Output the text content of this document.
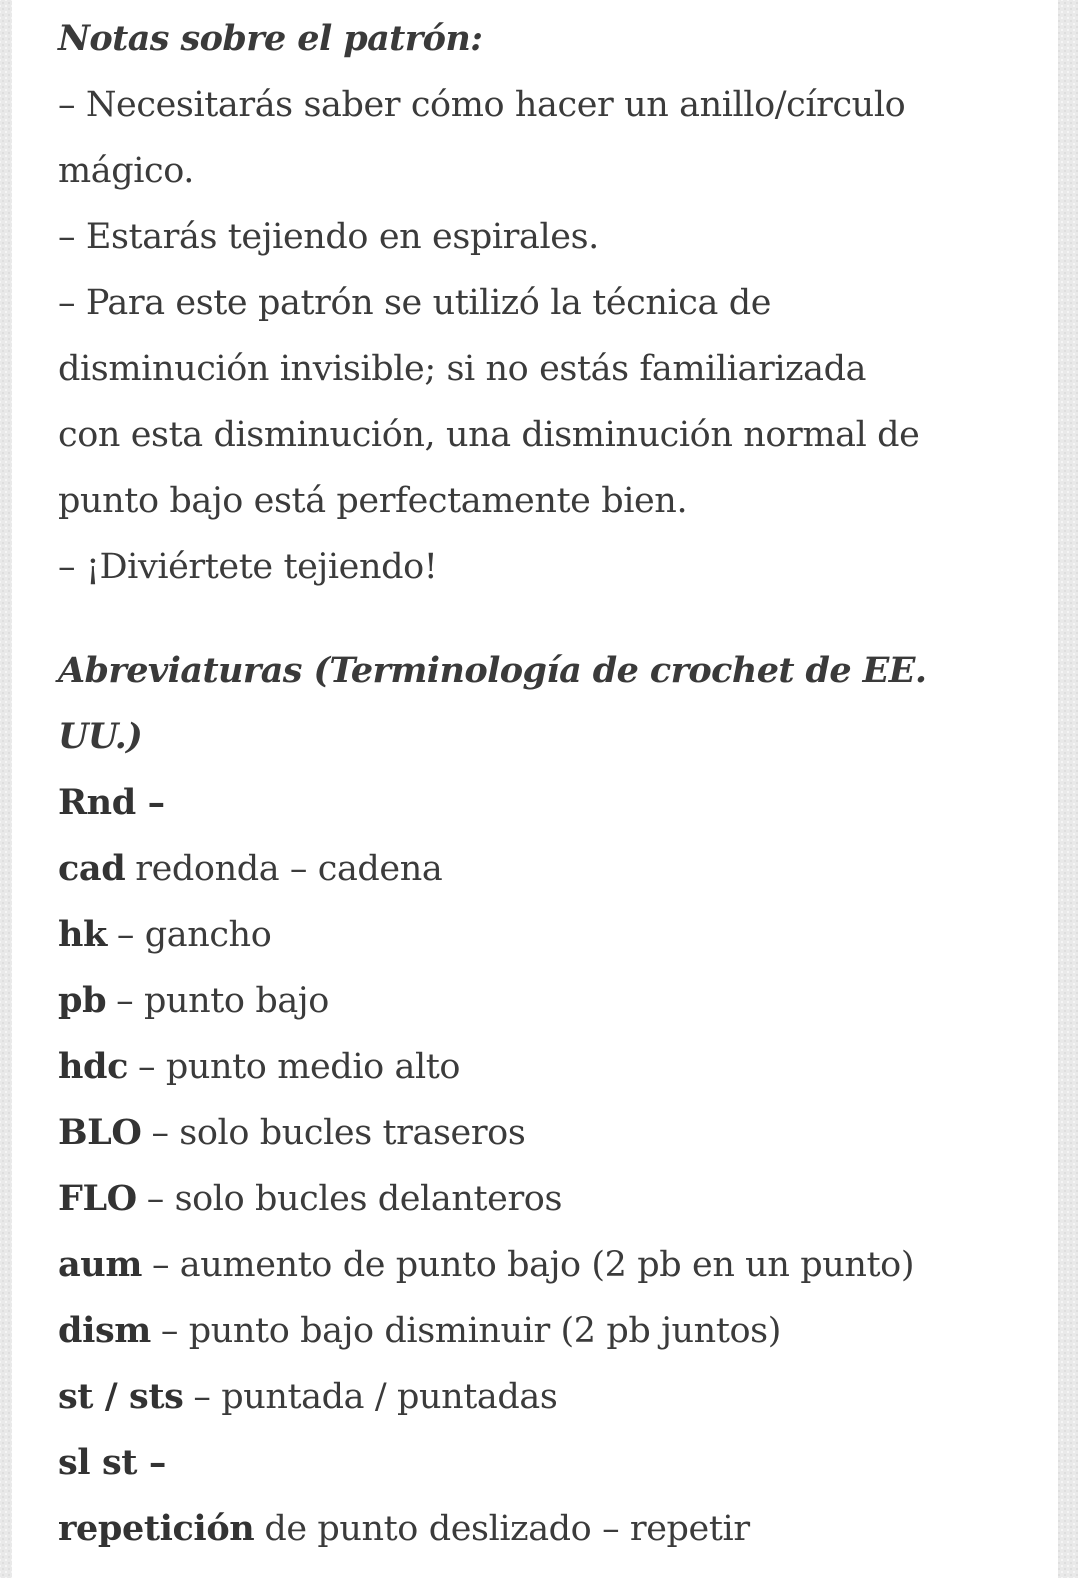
Notas sobre el patrón:

– Necesitarás saber cómo hacer un anillo/círculo

mágico.

– Estarás tejiendo en espirales.

– Para este patrón se utilizó la técnica de

disminución invisible; si no estás familiarizada

con esta disminución, una disminución normal de

punto bajo está perfectamente bien.

– ¡Diviértete tejiendo!

Abreviaturas (Terminología de crochet de EE.

UU.)

Rnd –

cad redonda – cadena

hk – gancho

pb – punto bajo

hdc – punto medio alto

BLO – solo bucles traseros

FLO – solo bucles delanteros

aum – aumento de punto bajo (2 pb en un punto)

dism – punto bajo disminuir (2 pb juntos)

st / sts – puntada / puntadas

sl st –

repetición de punto deslizado – repetir
